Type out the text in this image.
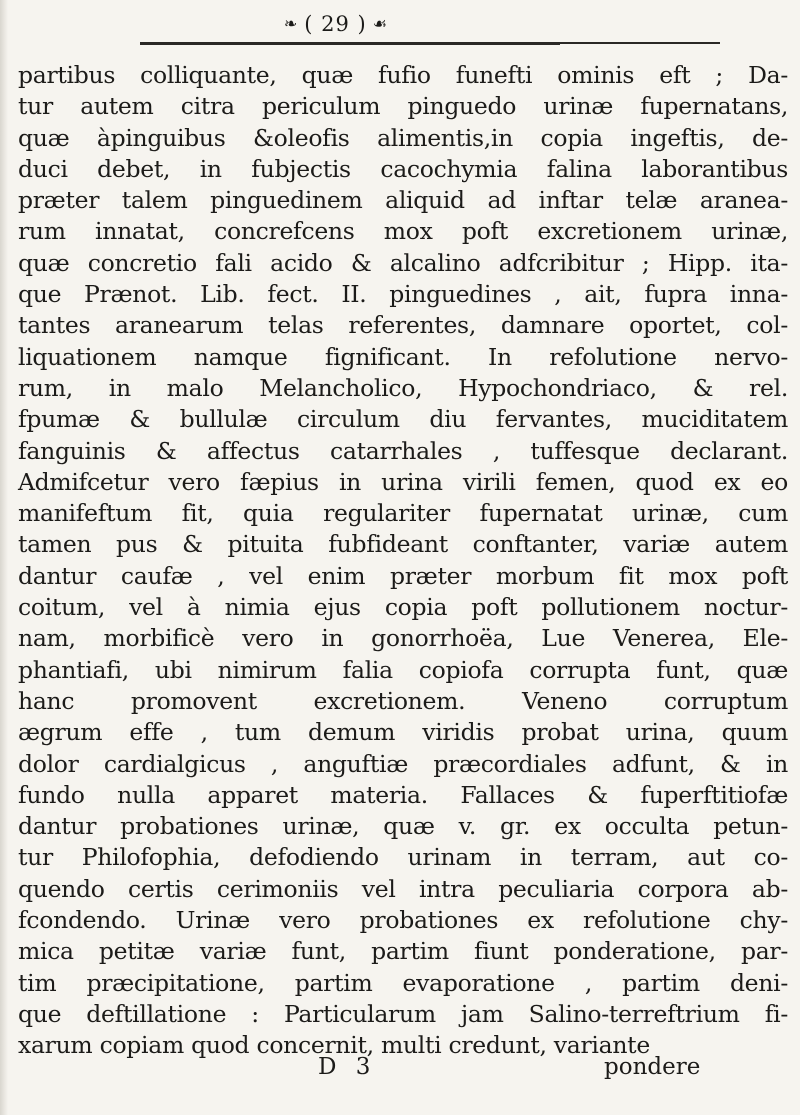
❧ ( 29 ) ☙
partibus colliquante, quæ fufio funefti ominis eft ; Da-
tur autem citra periculum pinguedo urinæ fupernatans,
quæ àpinguibus &oleofis alimentis,in copia ingeftis, de-
duci debet, in fubjectis cacochymia falina laborantibus
præter talem pinguedinem aliquid ad inftar telæ aranea-
rum innatat, concrefcens mox poft excretionem urinæ,
quæ concretio fali acido & alcalino adfcribitur ; Hipp. ita-
que Prænot. Lib. fect. II. pinguedines , ait, fupra inna-
tantes aranearum telas referentes, damnare oportet, col-
liquationem namque fignificant. In refolutione nervo-
rum, in malo Melancholico, Hypochondriaco, & rel.
fpumæ & bullulæ circulum diu fervantes, muciditatem
fanguinis & affectus catarrhales , tuffesque declarant.
Admifcetur vero fæpius in urina virili femen, quod ex eo
manifeftum fit, quia regulariter fupernatat urinæ, cum
tamen pus & pituita fubfideant conftanter, variæ autem
dantur caufæ , vel enim præter morbum fit mox poft
coitum, vel à nimia ejus copia poft pollutionem noctur-
nam, morbificè vero in gonorrhoëa, Lue Venerea, Ele-
phantiafi, ubi nimirum falia copiofa corrupta funt, quæ
hanc promovent excretionem. Veneno corruptum
ægrum effe , tum demum viridis probat urina, quum
dolor cardialgicus , anguftiæ præcordiales adfunt, & in
fundo nulla apparet materia. Fallaces & fuperftitiofæ
dantur probationes urinæ, quæ v. gr. ex occulta petun-
tur Philofophia, defodiendo urinam in terram, aut co-
quendo certis cerimoniis vel intra peculiaria corpora ab-
fcondendo. Urinæ vero probationes ex refolutione chy-
mica petitæ variæ funt, partim fiunt ponderatione, par-
tim præcipitatione, partim evaporatione , partim deni-
que deftillatione : Particularum jam Salino-terreftrium fi-
xarum copiam quod concernit, multi credunt, variante
D 3	pondere
